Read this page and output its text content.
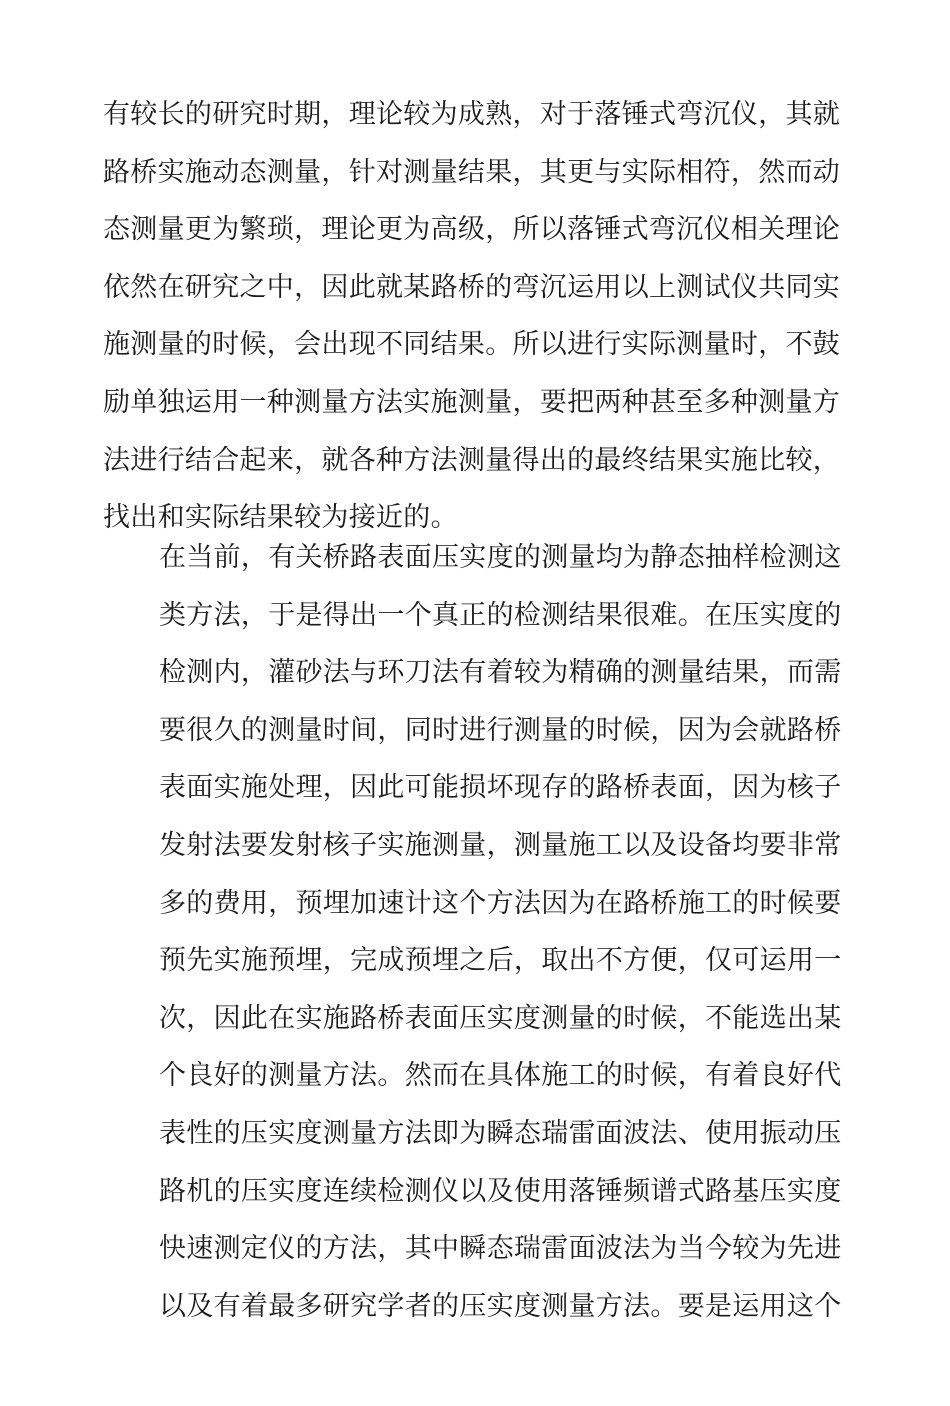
有较长的研究时期，理论较为成熟，对于落锤式弯沉仪，其就
路桥实施动态测量，针对测量结果，其更与实际相符，然而动
态测量更为繁琐，理论更为高级，所以落锤式弯沉仪相关理论
依然在研究之中，因此就某路桥的弯沉运用以上测试仪共同实
施测量的时候，会出现不同结果。所以进行实际测量时，不鼓
励单独运用一种测量方法实施测量，要把两种甚至多种测量方
法进行结合起来，就各种方法测量得出的最终结果实施比较，
找出和实际结果较为接近的。
在当前，有关桥路表面压实度的测量均为静态抽样检测这
类方法，于是得出一个真正的检测结果很难。在压实度的
检测内，灌砂法与环刀法有着较为精确的测量结果，而需
要很久的测量时间，同时进行测量的时候，因为会就路桥
表面实施处理，因此可能损坏现存的路桥表面，因为核子
发射法要发射核子实施测量，测量施工以及设备均要非常
多的费用，预埋加速计这个方法因为在路桥施工的时候要
预先实施预埋，完成预埋之后，取出不方便，仅可运用一
次，因此在实施路桥表面压实度测量的时候，不能选出某
个良好的测量方法。然而在具体施工的时候，有着良好代
表性的压实度测量方法即为瞬态瑞雷面波法、使用振动压
路机的压实度连续检测仪以及使用落锤频谱式路基压实度
快速测定仪的方法，其中瞬态瑞雷面波法为当今较为先进
以及有着最多研究学者的压实度测量方法。要是运用这个
